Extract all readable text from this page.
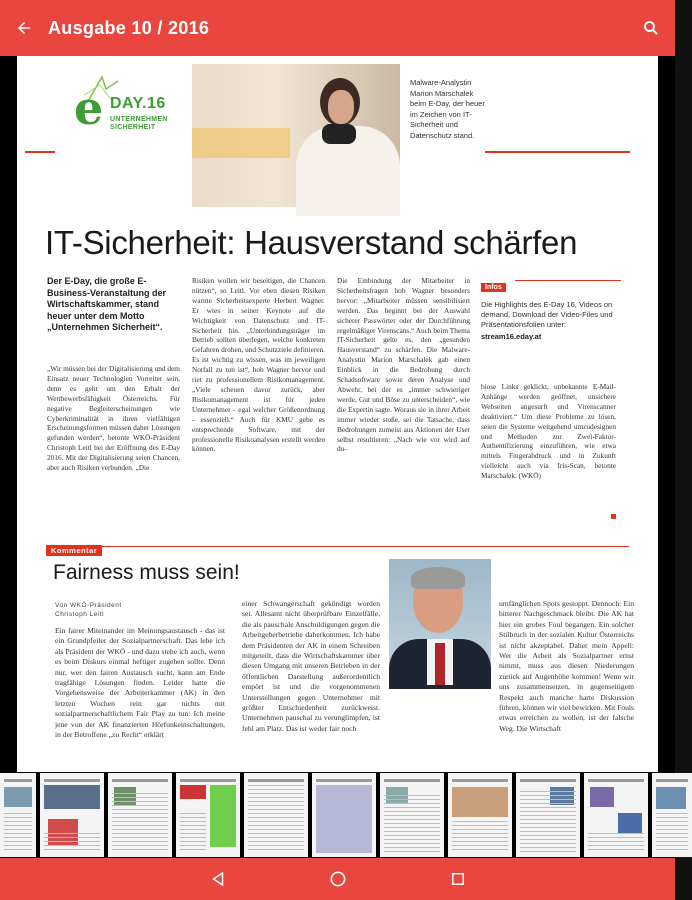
Ausgabe 10 / 2016
e DAY.16
UNTERNEHMEN
SICHERHEIT
Malware-Analystin Marion Marschalek beim E-Day, der heuer im Zeichen von IT-Sicherheit und Datenschutz stand.
IT-Sicherheit: Hausverstand schärfen
Der E-Day, die große E-Business-Veranstaltung der Wirtschaftskammer, stand heuer unter dem Motto „Unternehmen Sicherheit“.
„Wir müssen bei der Digitalisierung und dem Einsatz neuer Technologien Vorreiter sein, denn es geht um den Erhalt der Wettbewerbsfähigkeit Österreichs. Für negative Begleiterscheinungen wie Cyberkriminalität in ihren vielfältigen Erscheinungsformen müssen daher Lösungen gefunden werden“, betonte WKÖ-Präsident Christoph Leitl bei der Eröffnung des E-Day 2016. Mit der Digitalisierung seien Chancen, aber auch Risiken verbunden. „Die
Risiken wollen wir beseitigen, die Chancen nützen“, so Leitl. Vor eben diesen Risiken warnte Sicherheitsexperte Herbert Wagner. Er wies in seiner Keynote auf die Wichtigkeit von Datenschutz und IT-Sicherheit hin. „Unterbindungsträger im Betrieb sollten überlegen, welche konkreten Gefahren drohen, und Schutzziele definieren. Es ist wichtig zu wissen, was im jeweiligen Notfall zu tun ist“, hob Wagner hervor und riet zu professionellem Risikomanagement. „Viele scheuen davor zurück, aber Risikomanagement ist für jeden Unternehmer - egal welcher Größenordnung - essenziell.“ Auch für KMU gebe es entsprechende Software, mit der professionelle Risikoanalysen erstellt werden können.
Die Einbindung der Mitarbeiter in Sicherheitsfragen hob Wagner besonders hervor: „Mitarbeiter müssen sensibilisiert werden. Das beginnt bei der Auswahl sicherer Passwörter oder der Durchführung regelmäßiger Virenscans.“ Auch beim Thema IT-Sicherheit gelte es, den „gesunden Hausverstand“ zu schärfen. Die Malware-Analystin Marion Marschalek gab einen Einblick in die Bedrohung durch Schadsoftware sowie deren Analyse und Abwehr, bei der es „immer schwieriger werde, Gut und Böse zu unterscheiden“, wie die Expertin sagte. Woraus sie in ihrer Arbeit immer wieder stoße, sei die Tatsache, dass Bedrohungen zumeist aus Aktionen der User selbst resultieren: „Nach wie vor wird auf du-
biose Links geklickt, unbekannte E-Mail-Anhänge werden geöffnet, unsichere Webseiten angesurft und Virenscanner deaktiviert.“ Um diese Probleme zu lösen, seien die Systeme weitgehend umzudesignen und Methoden zur Zwei-Faktor-Authentifizierung einzuführen, wie etwa mittels Fingerabdruck und in Zukunft vielleicht auch via Iris-Scan, betonte Marschalek. (WKÖ)
Infos
Die Highlights des E-Day 16, Videos on demand, Download der Video-Files und Präsentationsfolien unter:
stream16.eday.at
Kommentar
Fairness muss sein!
Von WKÖ-Präsident
Christoph Leitl
Ein fairer Miteinander im Meinungsaustausch - das ist ein Grundpfeiler der Sozialpartnerschaft. Das lebe ich als Präsident der WKÖ - und dazu stehe ich auch, wenn es beim Diskurs einmal heftiger zugehen sollte. Denn nur, wer den fairen Austausch sucht, kann am Ende tragfähige Lösungen finden. Leider hatte die Vorgehensweise der Arbeiterkammer (AK) in den letzten Wochen rein gar nichts mit sozialpartnerschaftlichem Fair Play zu tun: Ich meine jene von der AK finanzierten Hörfunkeinschaltungen, in der Betroffene „zu Recht“ erklärt
einer Schwangerschaft gekündigt worden sei. Allesamt nicht überprüfbare Einzelfälle, die als pauschale Anschuldigungen gegen die Arbeitgeberbetriebe daherkommen. Ich habe dem Präsidenten der AK in einem Schreiben mitgeteilt, dass die Wirtschaftskammer über diesen Umgang mit unseren Betrieben in der öffentlichen Darstellung außerordentlich empört ist und die vorgenommenen Unterstellungen gegen Unternehmer mit größter Entschiedenheit zurückweist. Unternehmen pauschal zu verunglimpfen, ist fehl am Platz. Das ist weder fair noch
umfänglichen Spots gestoppt. Dennoch: Ein bitterer Nachgeschmack bleibt. Die AK hat hier ein grobes Foul begangen. Ein solcher Stilbruch in der sozialen Kultur Österreichs ist nicht akzeptabel. Daher mein Appell: Wer die Arbeit als Sozialpartner ernst nimmt, muss aus diesen Niederungen zurück auf Augenhöhe kommen! Wenn wir uns zusammensetzen, in gegenseitigem Respekt auch manche harte Diskussion führen, können wir viel bewirken. Mit Fouls etwas erreichen zu wollen, ist der falsche Weg. Die Wirtschaft
